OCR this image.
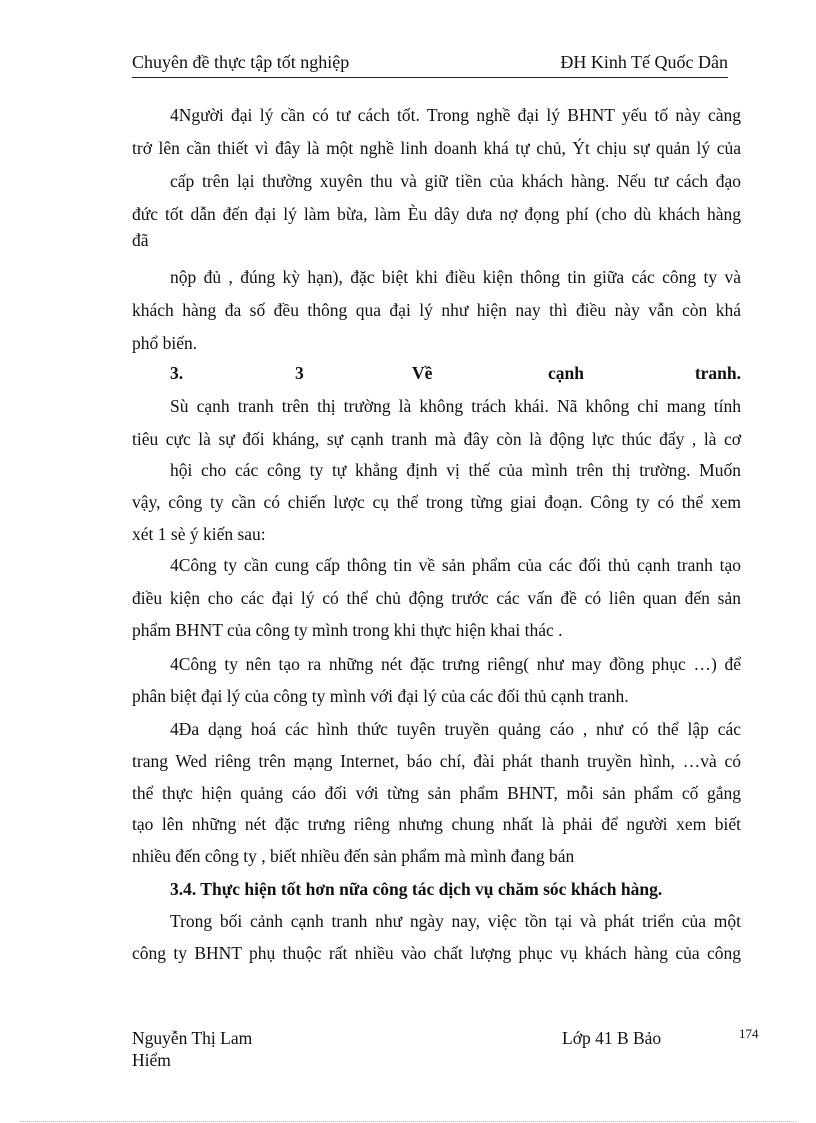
Chuyên đề thực tập tốt nghiệp	ĐH Kinh Tế Quốc Dân
4Người đại lý cần có tư cách tốt. Trong nghề đại lý BHNT yếu tố này càng
trở lên cần thiết vì đây là một nghề linh doanh khá tự chủ, Ýt chịu sự quản lý của
cấp trên lại thường xuyên thu và giữ tiền của khách hàng. Nếu tư cách đạo
đức tốt dẫn đến đại lý làm bừa, làm Èu dây dưa nợ đọng phí (cho dù khách hàng
đã
nộp đủ , đúng kỳ hạn), đặc biệt khi điều kiện thông tin giữa các công ty và
khách hàng đa số đều thông qua đại lý như hiện nay thì điều này vẫn còn khá
phổ biến.
3.	3	Về	cạnh	tranh.
Sù cạnh tranh trên thị trường là không trách khái. Nã không chỉ mang tính
tiêu cực là sự đối kháng, sự cạnh tranh mà đây còn là động lực thúc đẩy , là cơ
hội cho các công ty tự khẳng định vị thế của mình trên thị trường. Muốn
vậy, công ty cần có chiến lược cụ thể trong từng giai đoạn. Công ty có thể xem
xét 1 sè ý kiến sau:
4Công ty cần cung cấp thông tin về sản phẩm của các đối thủ cạnh tranh tạo
điều kiện cho các đại lý có thể chủ động trước các vấn đề có liên quan đến sản
phẩm BHNT của công ty mình trong khi thực hiện khai thác .
4Công ty nên tạo ra những nét đặc trưng riêng( như may đồng phục …) để
phân biệt đại lý của công ty mình với đại lý của các đối thủ cạnh tranh.
4Đa dạng hoá các hình thức tuyên truyền quảng cáo , như có thể lập các
trang Wed riêng trên mạng Internet, báo chí, đài phát thanh truyền hình, …và có
thể thực hiện quảng cáo đối với từng sản phẩm BHNT, mỗi sản phẩm cố gắng
tạo lên những nét đặc trưng riêng nhưng chung nhất là phải để người xem biết
nhiều đến công ty , biết nhiều đến sản phẩm mà mình đang bán
3.4. Thực hiện tốt hơn nữa công tác dịch vụ chăm sóc khách hàng.
Trong bối cảnh cạnh tranh như ngày nay, việc tồn tại và phát triển của một
công ty BHNT phụ thuộc rất nhiều vào chất lượng phục vụ khách hàng của công
Nguyễn Thị Lam
Hiểm
Lớp 41 B Bảo	174
